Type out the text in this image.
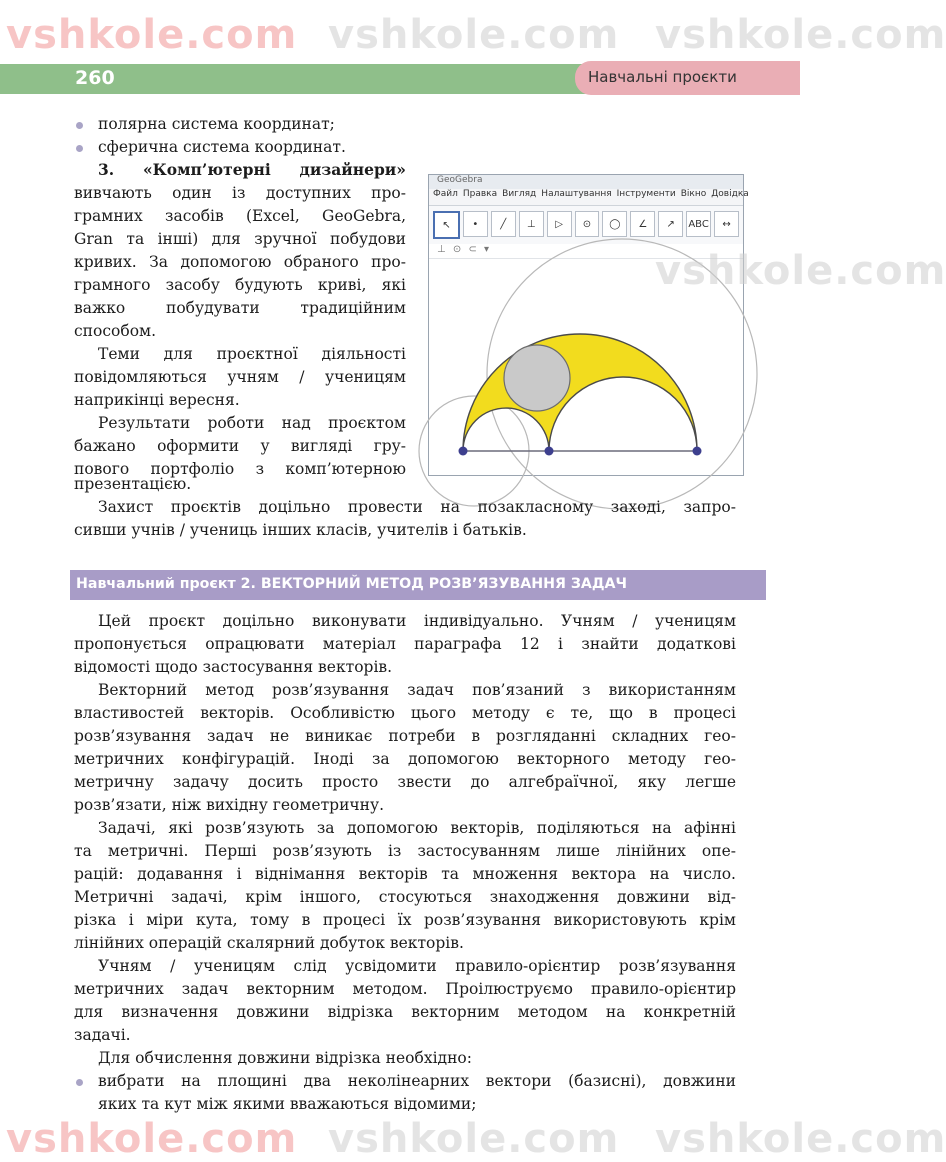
vshkole.com vshkole.com vshkole.com
260	Навчальні проєкти

полярна система координат;

сферична система координат.

3. «Комп’ютерні дизайнери»

вивчають один із доступних про-

грамних засобів (Excel, GeoGebra,

Gran та інші) для зручної побудови

кривих. За допомогою обраного про-

грамного засобу будують криві, які

важко побудувати традиційним

способом.

Теми для проєктної діяльності

повідомляються учням / ученицям

наприкінці вересня.

Результати роботи над проєктом

бажано оформити у вигляді гру-

пового портфоліо з комп’ютерною

презентацією.

GeoGebra
Файл Правка Вигляд Налаштування Інструменти Вікно Довідка
↖	•	╱	⊥	▷	⊙	◯	∠	↗	ABC	↔
⊥ ⊙ ⊂ ▾

Захист проєктів доцільно провести на позакласному заході, запро-

сивши учнів / учениць інших класів, учителів і батьків.

Навчальний проєкт 2. ВЕКТОРНИЙ МЕТОД РОЗВ’ЯЗУВАННЯ ЗАДАЧ

Цей проєкт доцільно виконувати індивідуально. Учням / ученицям

пропонується опрацювати матеріал параграфа 12 і знайти додаткові

відомості щодо застосування векторів.

Векторний метод розв’язування задач пов’язаний з використанням

властивостей векторів. Особливістю цього методу є те, що в процесі

розв’язування задач не виникає потреби в розгляданні складних гео-

метричних конфігурацій. Іноді за допомогою векторного методу гео-

метричну задачу досить просто звести до алгебраїчної, яку легше

розв’язати, ніж вихідну геометричну.

Задачі, які розв’язують за допомогою векторів, поділяються на афінні

та метричні. Перші розв’язують із застосуванням лише лінійних опе-

рацій: додавання і віднімання векторів та множення вектора на число.

Метричні задачі, крім іншого, стосуються знаходження довжини від-

різка і міри кута, тому в процесі їх розв’язування використовують крім

лінійних операцій скалярний добуток векторів.

Учням / ученицям слід усвідомити правило-орієнтир розв’язування

метричних задач векторним методом. Проілюструємо правило-орієнтир

для визначення довжини відрізка векторним методом на конкретній

задачі.

Для обчислення довжини відрізка необхідно:

вибрати на площині два неколінеарних вектори (базисні), довжини

яких та кут між якими вважаються відомими;

vshkole.com
vshkole.com
vshkole.com vshkole.com
